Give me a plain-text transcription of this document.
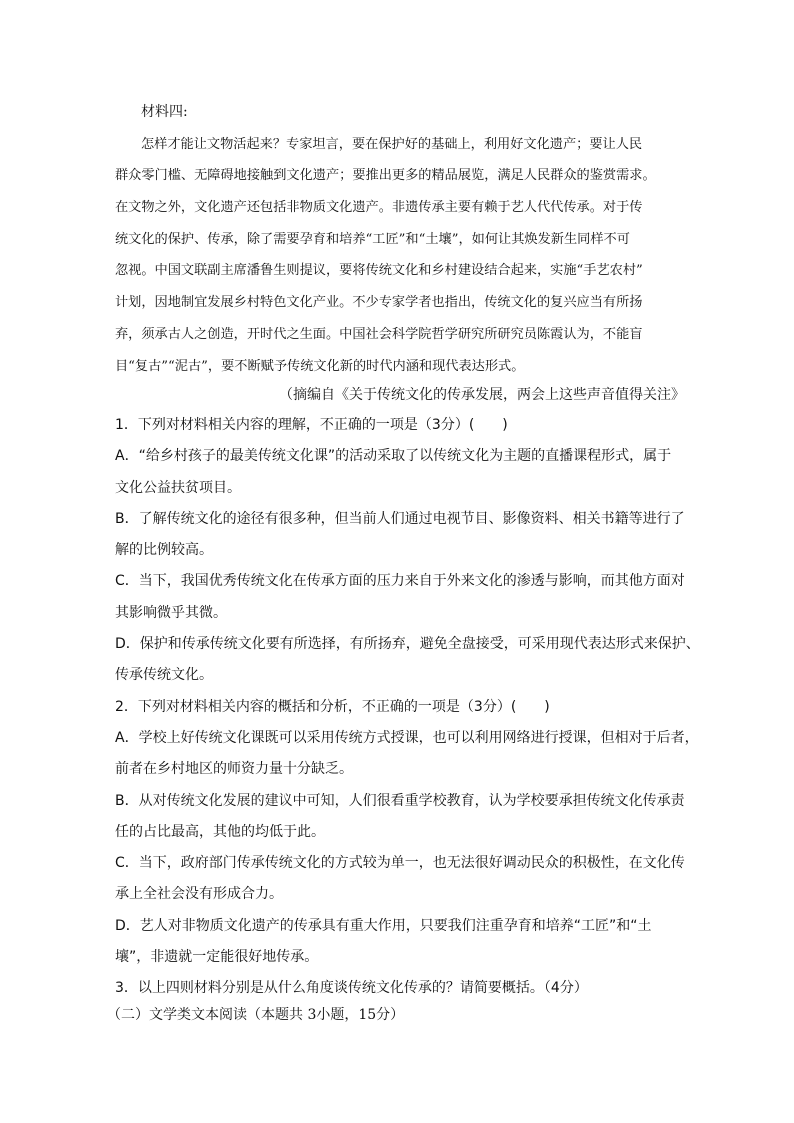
材料四:
怎样才能让文物活起来？专家坦言，要在保护好的基础上，利用好文化遗产；要让人民
群众零门槛、无障碍地接触到文化遗产；要推出更多的精品展览，满足人民群众的鉴赏需求。
在文物之外，文化遗产还包括非物质文化遗产。非遗传承主要有赖于艺人代代传承。对于传
统文化的保护、传承，除了需要孕育和培养“工匠”和“土壤”，如何让其焕发新生同样不可
忽视。中国文联副主席潘鲁生则提议，要将传统文化和乡村建设结合起来，实施“手艺农村”
计划，因地制宜发展乡村特色文化产业。不少专家学者也指出，传统文化的复兴应当有所扬
弃，须承古人之创造，开时代之生面。中国社会科学院哲学研究所研究员陈霞认为，不能盲
目“复古”“泥古”，要不断赋予传统文化新的时代内涵和现代表达形式。
（摘编自《关于传统文化的传承发展，两会上这些声音值得关注》
1．下列对材料相关内容的理解，不正确的一项是（3分）(　　)
A．“给乡村孩子的最美传统文化课”的活动采取了以传统文化为主题的直播课程形式，属于
文化公益扶贫项目。
B．了解传统文化的途径有很多种，但当前人们通过电视节目、影像资料、相关书籍等进行了
解的比例较高。
C．当下，我国优秀传统文化在传承方面的压力来自于外来文化的渗透与影响，而其他方面对
其影响微乎其微。
D．保护和传承传统文化要有所选择，有所扬弃，避免全盘接受，可采用现代表达形式来保护、
传承传统文化。
2．下列对材料相关内容的概括和分析，不正确的一项是（3分）(　　)
A．学校上好传统文化课既可以采用传统方式授课，也可以利用网络进行授课，但相对于后者，
前者在乡村地区的师资力量十分缺乏。
B．从对传统文化发展的建议中可知，人们很看重学校教育，认为学校要承担传统文化传承责
任的占比最高，其他的均低于此。
C．当下，政府部门传承传统文化的方式较为单一，也无法很好调动民众的积极性，在文化传
承上全社会没有形成合力。
D．艺人对非物质文化遗产的传承具有重大作用，只要我们注重孕育和培养“工匠”和“土
壤”，非遗就一定能很好地传承。
3．以上四则材料分别是从什么角度谈传统文化传承的？请简要概括。（4分）
（二）文学类文本阅读（本题共 3小题，15分）
